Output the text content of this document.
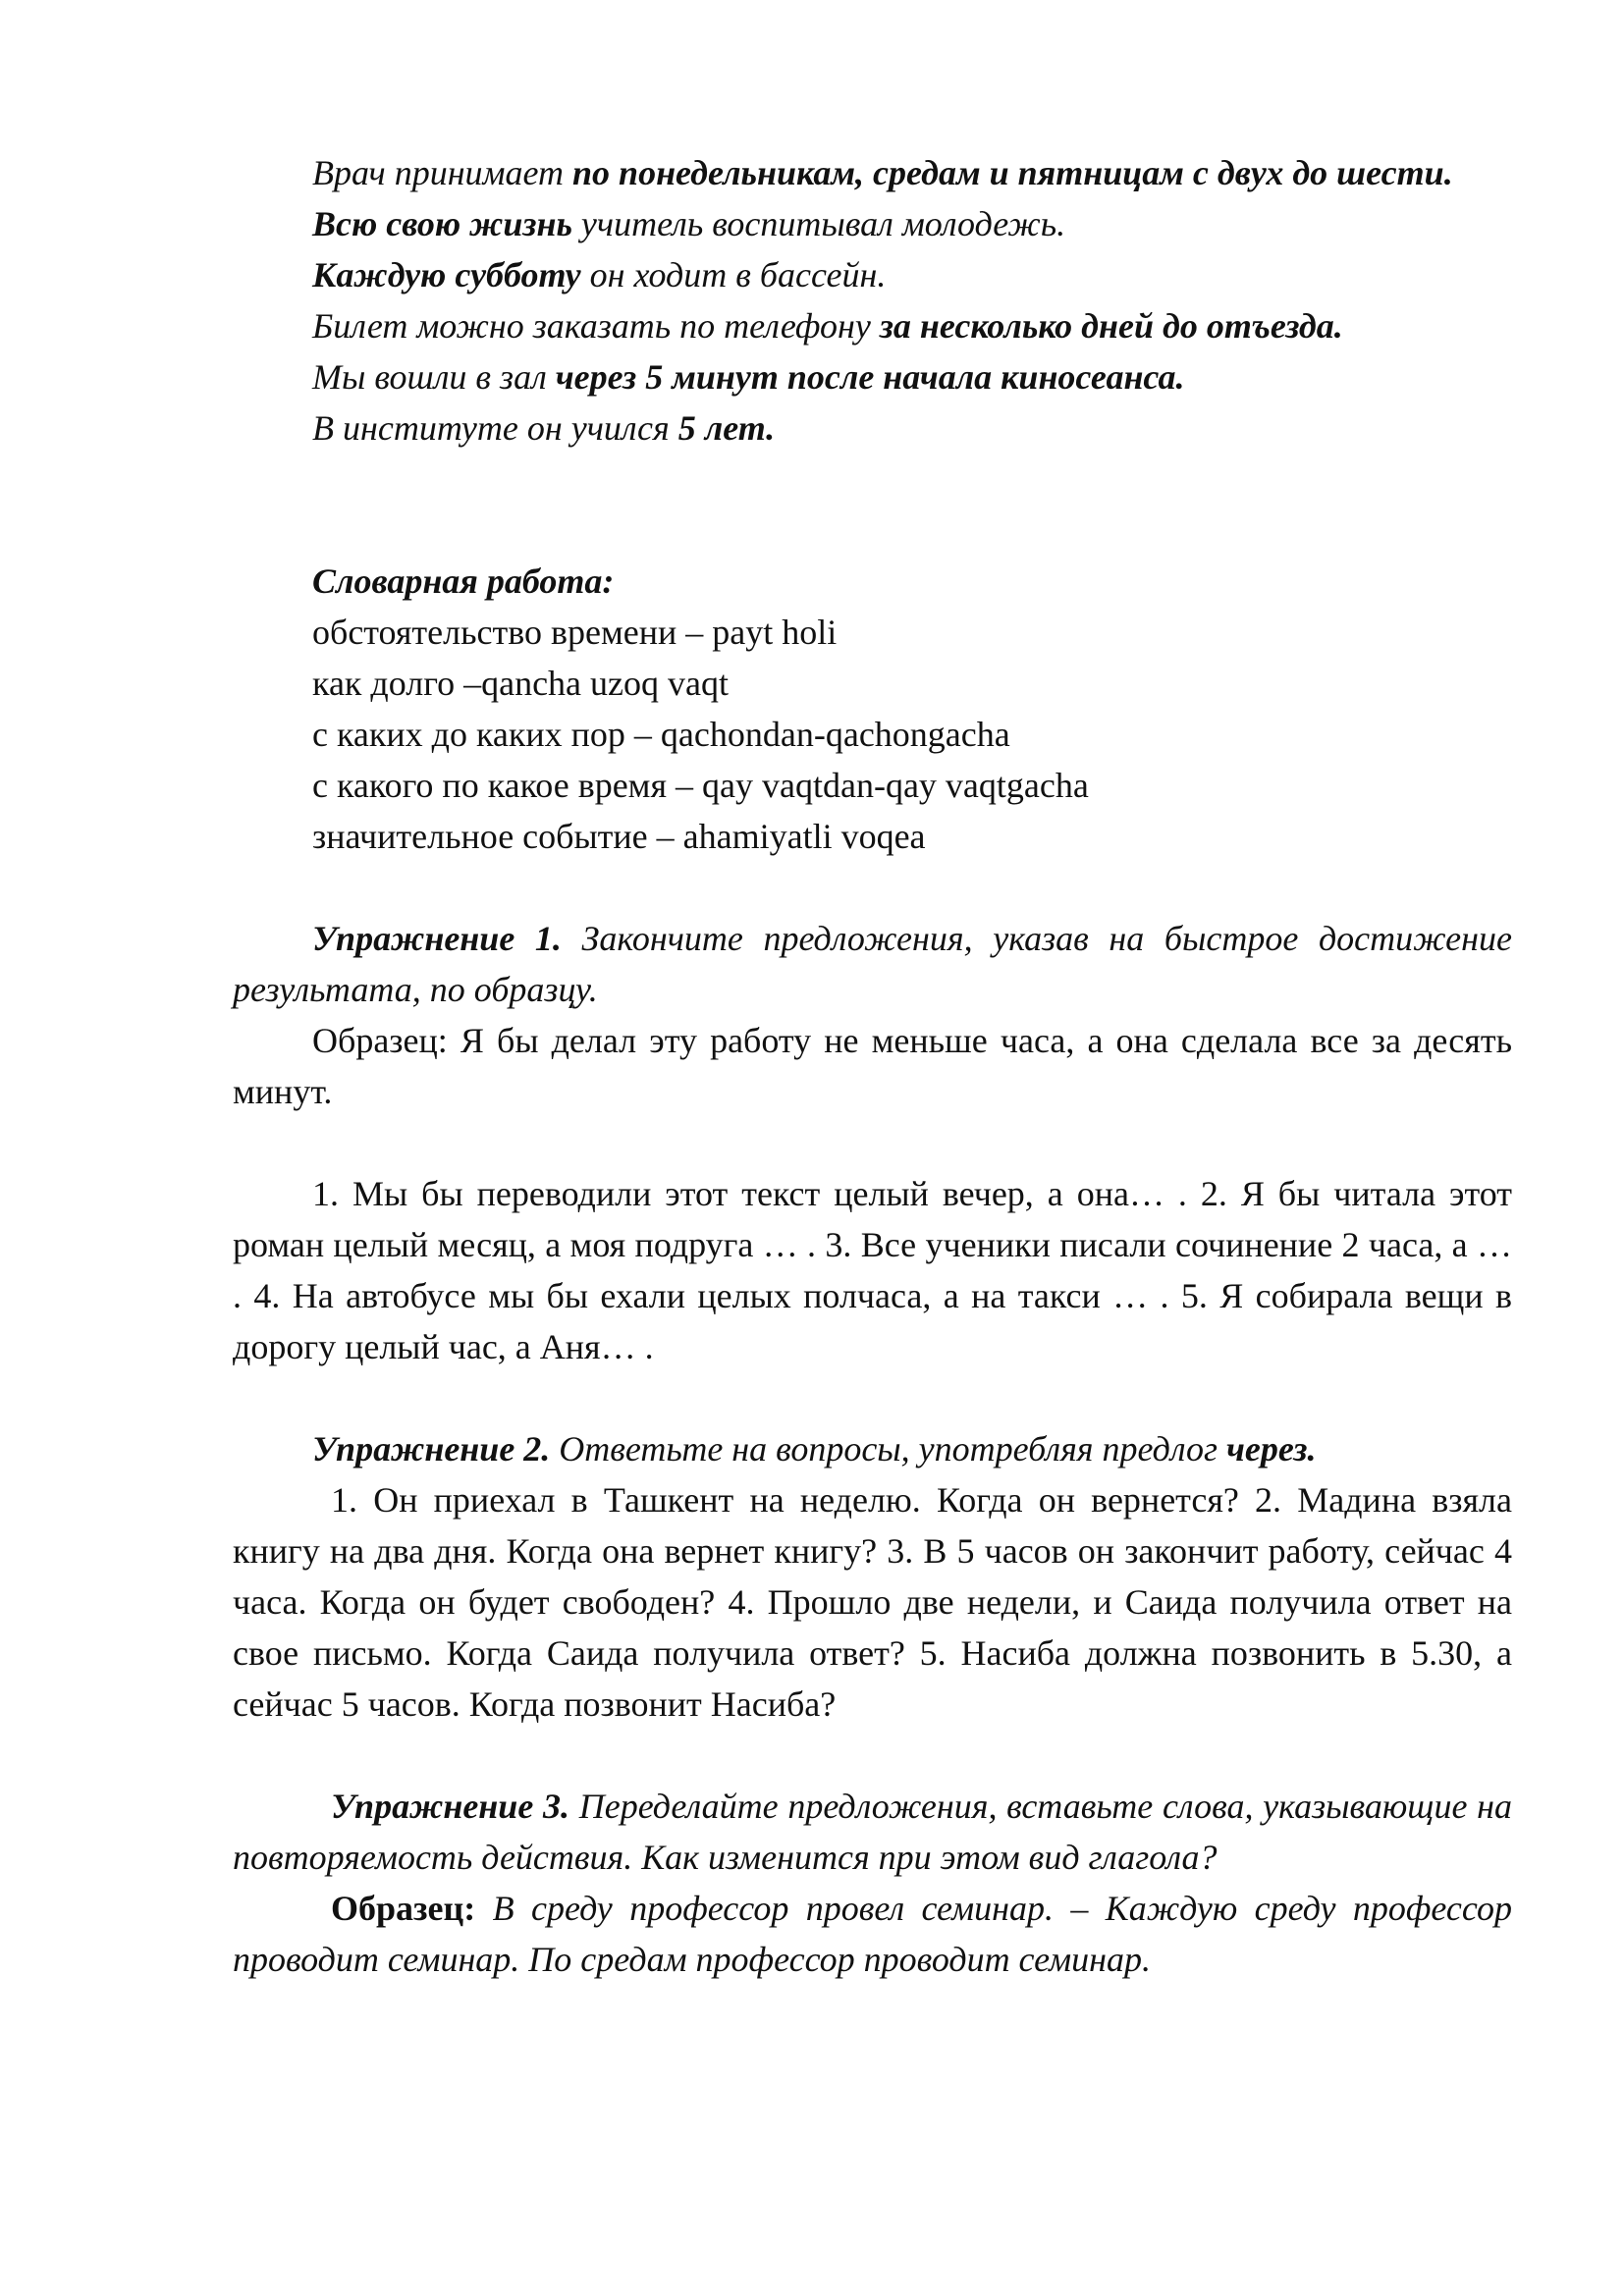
Врач принимает по понедельникам, средам и пятницам с двух до шести.

Всю свою жизнь учитель воспитывал молодежь.

Каждую субботу он ходит в бассейн.

Билет можно заказать по телефону за несколько дней до отъезда.

Мы вошли в зал через 5 минут после начала киносеанса.

В институте он учился 5 лет.

Словарная работа:

обстоятельство времени – payt holi

как долго –qancha uzoq vaqt

с каких до каких пор – qachondan-qachongacha

с какого по какое время – qay vaqtdan-qay vaqtgacha

значительное событие – ahamiyatli voqea

Упражнение 1. Закончите предложения, указав на быстрое достижение результата, по образцу.

Образец: Я бы делал эту работу не меньше часа, а она сделала все за десять минут.

1. Мы бы переводили этот текст целый вечер, а она… . 2. Я бы читала этот роман целый месяц, а моя подруга … . 3. Все ученики писали сочинение 2 часа, а … . 4. На автобусе мы бы ехали целых полчаса, а на такси … . 5. Я собирала вещи в дорогу целый час, а Аня… .

Упражнение 2. Ответьте на вопросы, употребляя предлог через.

1. Он приехал в Ташкент на неделю. Когда он вернется? 2. Мадина взяла книгу на два дня. Когда она вернет книгу? 3. В 5 часов он закончит работу, сейчас 4 часа. Когда он будет свободен? 4. Прошло две недели, и Саида получила ответ на свое письмо. Когда Саида получила ответ? 5. Насиба должна позвонить в 5.30, а сейчас 5 часов. Когда позвонит Насиба?

Упражнение 3. Переделайте предложения, вставьте слова, указывающие на повторяемость действия. Как изменится при этом вид глагола?

Образец: В среду профессор провел семинар. – Каждую среду профессор проводит семинар. По средам профессор проводит семинар.
